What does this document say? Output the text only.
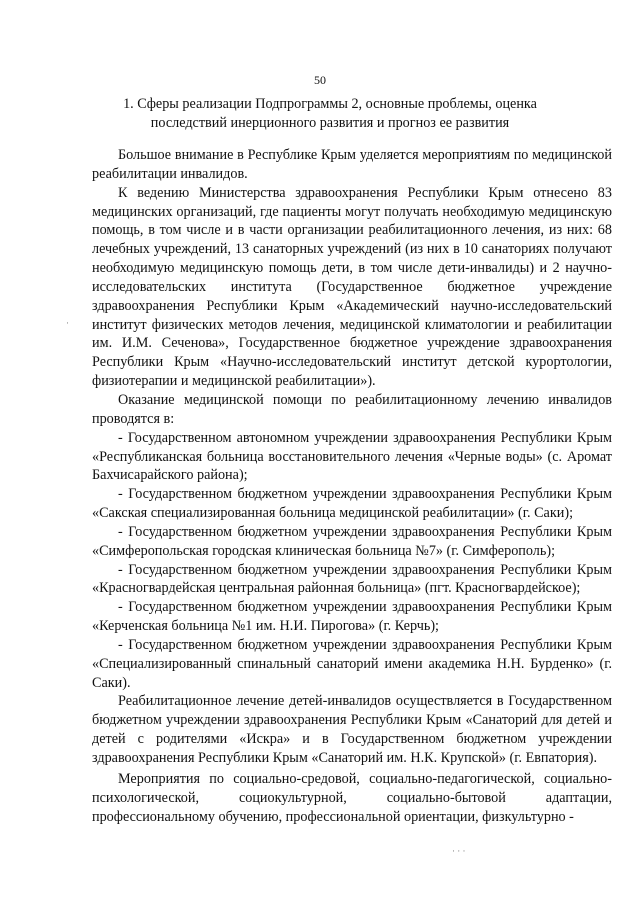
50
1. Сферы реализации Подпрограммы 2, основные проблемы, оценка последствий инерционного развития и прогноз ее развития

Большое внимание в Республике Крым уделяется мероприятиям по медицинской реабилитации инвалидов.

К ведению Министерства здравоохранения Республики Крым отнесено 83 медицинских организаций, где пациенты могут получать необходимую медицинскую помощь, в том числе и в части организации реабилитационного лечения, из них: 68 лечебных учреждений, 13 санаторных учреждений (из них в 10 санаториях получают необходимую медицинскую помощь дети, в том числе дети-инвалиды) и 2 научно-исследовательских института (Государственное бюджетное учреждение здравоохранения Республики Крым «Академический научно-исследовательский институт физических методов лечения, медицинской климатологии и реабилитации им. И.М. Сеченова», Государственное бюджетное учреждение здравоохранения Республики Крым «Научно-исследовательский институт детской курортологии, физиотерапии и медицинской реабилитации»).

Оказание медицинской помощи по реабилитационному лечению инвалидов проводятся в:

- Государственном автономном учреждении здравоохранения Республики Крым «Республиканская больница восстановительного лечения «Черные воды» (с. Аромат Бахчисарайского района);

- Государственном бюджетном учреждении здравоохранения Республики Крым «Сакская специализированная больница медицинской реабилитации» (г. Саки);

- Государственном бюджетном учреждении здравоохранения Республики Крым «Симферопольская городская клиническая больница №7» (г. Симферополь);

- Государственном бюджетном учреждении здравоохранения Республики Крым «Красногвардейская центральная районная больница» (пгт. Красногвардейское);

- Государственном бюджетном учреждении здравоохранения Республики Крым «Керченская больница №1 им. Н.И. Пирогова» (г. Керчь);

- Государственном бюджетном учреждении здравоохранения Республики Крым «Специализированный спинальный санаторий имени академика Н.Н. Бурденко» (г. Саки).

Реабилитационное лечение детей-инвалидов осуществляется в Государственном бюджетном учреждении здравоохранения Республики Крым «Санаторий для детей и детей с родителями «Искра» и в Государственном бюджетном учреждении здравоохранения Республики Крым «Санаторий им. Н.К. Крупской» (г. Евпатория).

Мероприятия по социально-средовой, социально-педагогической, социально-психологической, социокультурной, социально-бытовой адаптации, профессиональному обучению, профессиональной ориентации, физкультурно -

·
· · ·
